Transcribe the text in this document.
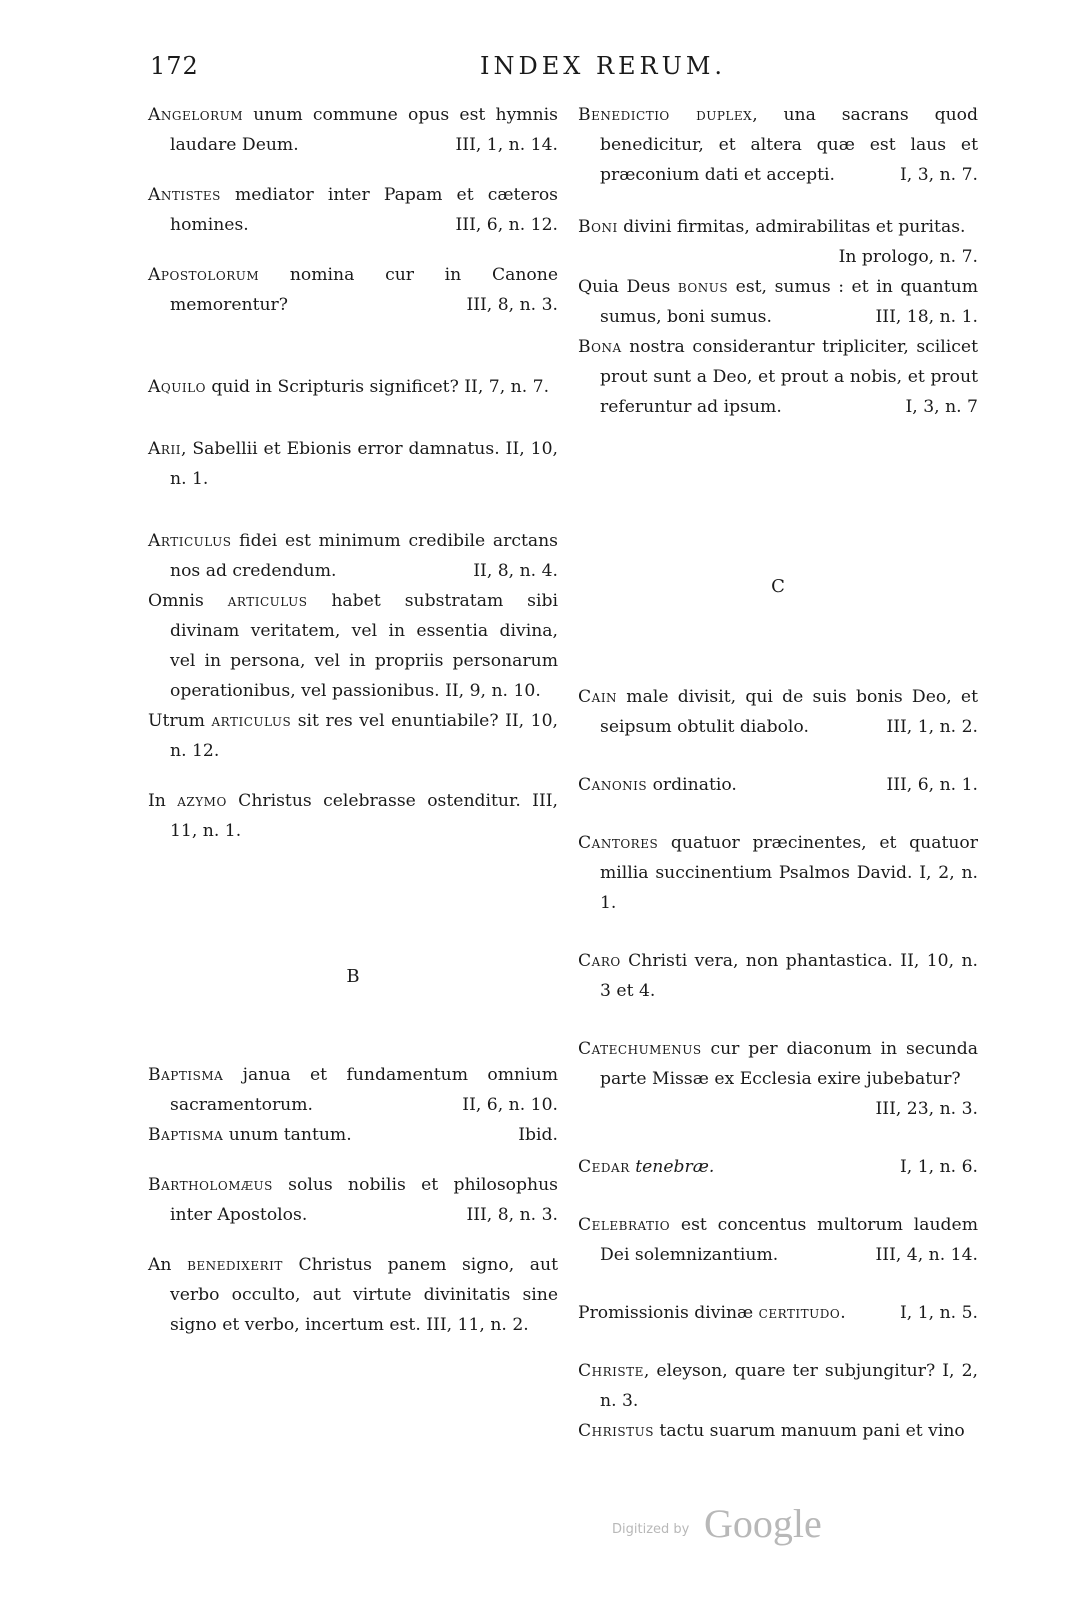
172	INDEX RERUM.

Angelorum unum commune opus est hymnis laudare Deum.	III, 1, n. 14.

Antistes mediator inter Papam et cæteros homines.	III, 6, n. 12.

Apostolorum nomina cur in Canone memorentur?	III, 8, n. 3.

Aquilo quid in Scripturis significet? II, 7, n. 7.

Arii, Sabellii et Ebionis error damnatus. II, 10, n. 1.

Articulus fidei est minimum credibile arctans nos ad credendum.	II, 8, n. 4.

Omnis articulus habet substratam sibi divinam veritatem, vel in essentia divina, vel in persona, vel in propriis personarum operationibus, vel passionibus. II, 9, n. 10.

Utrum articulus sit res vel enuntiabile? II, 10, n. 12.

In azymo Christus celebrasse ostenditur. III, 11, n. 1.

B

Baptisma janua et fundamentum omnium sacramentorum.	II, 6, n. 10.

Baptisma unum tantum.	Ibid.

Bartholomæus solus nobilis et philosophus inter Apostolos.	III, 8, n. 3.

An benedixerit Christus panem signo, aut verbo occulto, aut virtute divinitatis sine signo et verbo, incertum est. III, 11, n. 2.

Benedictio duplex, una sacrans quod benedicitur, et altera quæ est laus et præconium dati et accepti.	I, 3, n. 7.

Boni divini firmitas, admirabilitas et puritas.
In prologo, n. 7.

Quia Deus bonus est, sumus : et in quantum sumus, boni sumus.	III, 18, n. 1.

Bona nostra considerantur tripliciter, scilicet prout sunt a Deo, et prout a nobis, et prout referuntur ad ipsum.	I, 3, n. 7

C

Cain male divisit, qui de suis bonis Deo, et seipsum obtulit diabolo.	III, 1, n. 2.

Canonis ordinatio.	III, 6, n. 1.

Cantores quatuor præcinentes, et quatuor millia succinentium Psalmos David. I, 2, n. 1.

Caro Christi vera, non phantastica. II, 10, n. 3 et 4.

Catechumenus cur per diaconum in secunda parte Missæ ex Ecclesia exire jubebatur?
III, 23, n. 3.

Cedar tenebræ.	I, 1, n. 6.

Celebratio est concentus multorum laudem Dei solemnizantium.	III, 4, n. 14.

Promissionis divinæ certitudo.	I, 1, n. 5.

Christe, eleyson, quare ter subjungitur? I, 2, n. 3.

Christus tactu suarum manuum pani et vino

Digitized by Google
